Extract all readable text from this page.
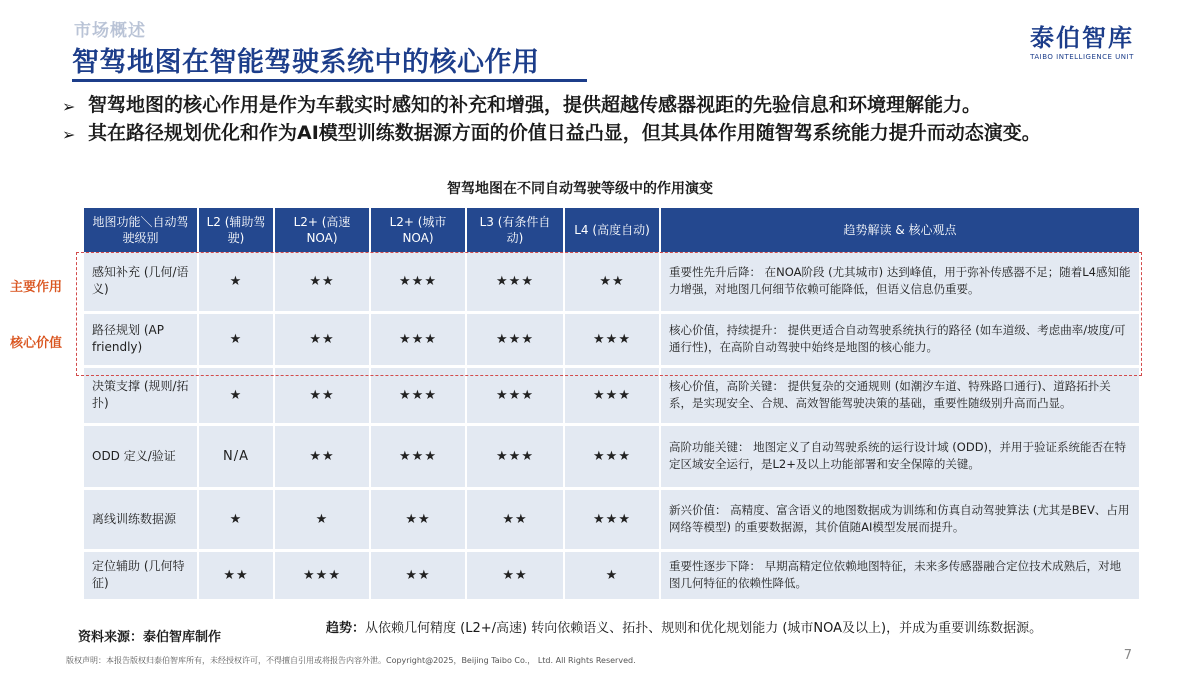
市场概述
智驾地图在智能驾驶系统中的核心作用
泰伯智库
TAIBO INTELLIGENCE UNIT
➢ 智驾地图的核心作用是作为车载实时感知的补充和增强，提供超越传感器视距的先验信息和环境理解能力。
➢ 其在路径规划优化和作为AI模型训练数据源方面的价值日益凸显，但其具体作用随智驾系统能力提升而动态演变。
智驾地图在不同自动驾驶等级中的作用演变
地图功能＼自动驾驶级别	L2 (辅助驾驶)	L2+ (高速NOA)	L2+ (城市NOA)	L3 (有条件自动)	L4 (高度自动)	趋势解读 & 核心观点
感知补充 (几何/语义)	★	★★	★★★	★★★	★★	重要性先升后降： 在NOA阶段 (尤其城市) 达到峰值，用于弥补传感器不足；随着L4感知能力增强，对地图几何细节依赖可能降低，但语义信息仍重要。
路径规划 (AP friendly)	★	★★	★★★	★★★	★★★	核心价值，持续提升： 提供更适合自动驾驶系统执行的路径 (如车道级、考虑曲率/坡度/可通行性)，在高阶自动驾驶中始终是地图的核心能力。
决策支撑 (规则/拓扑)	★	★★	★★★	★★★	★★★	核心价值，高阶关键： 提供复杂的交通规则 (如潮汐车道、特殊路口通行)、道路拓扑关系，是实现安全、合规、高效智能驾驶决策的基础，重要性随级别升高而凸显。
ODD 定义/验证	N/A	★★	★★★	★★★	★★★	高阶功能关键： 地图定义了自动驾驶系统的运行设计域 (ODD)，并用于验证系统能否在特定区域安全运行，是L2+及以上功能部署和安全保障的关键。
离线训练数据源	★	★	★★	★★	★★★	新兴价值： 高精度、富含语义的地图数据成为训练和仿真自动驾驶算法 (尤其是BEV、占用网络等模型) 的重要数据源，其价值随AI模型发展而提升。
定位辅助 (几何特征)	★★	★★★	★★	★★	★	重要性逐步下降： 早期高精定位依赖地图特征，未来多传感器融合定位技术成熟后，对地图几何特征的依赖性降低。
主要作用
核心价值
资料来源：泰伯智库制作
趋势：从依赖几何精度 (L2+/高速) 转向依赖语义、拓扑、规则和优化规划能力 (城市NOA及以上)，并成为重要训练数据源。
版权声明：本报告版权归泰伯智库所有，未经授权许可，不得擅自引用或将报告内容外泄。Copyright@2025，Beijing Taibo Co.， Ltd. All Rights Reserved.	7
